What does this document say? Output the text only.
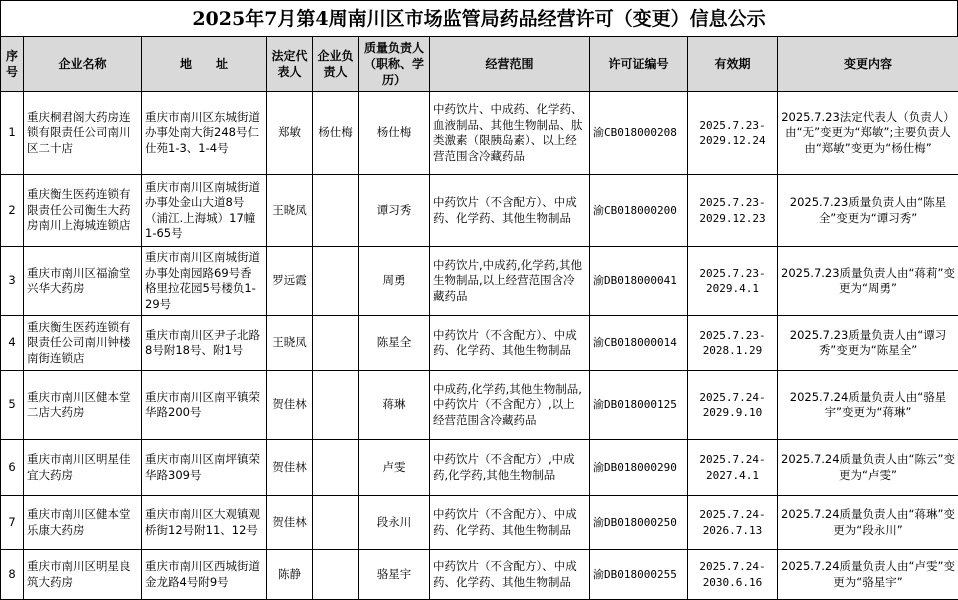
2025年7月第4周南川区市场监管局药品经营许可（变更）信息公示
序号	企业名称	地　　址	法定代表人	企业负责人	质量负责人（职称、学历）	经营范围	许可证编号	有效期	变更内容
1	重庆桐君阁大药房连锁有限责任公司南川区二十店	重庆市南川区东城街道办事处南大街248号仁仕苑1-3、1-4号	郑敏	杨仕梅	杨仕梅	中药饮片、中成药、化学药、血液制品、其他生物制品、肽类激素（限胰岛素）、以上经营范围含冷藏药品	渝CB018000208	2025.7.23-2029.12.24	2025.7.23法定代表人（负责人）由“无”变更为“郑敏”;主要负责人由“郑敏”变更为“杨仕梅”
2	重庆衡生医药连锁有限责任公司衡生大药房南川上海城连锁店	重庆市南川区南城街道办事处金山大道8号（浦江.上海城）17幢1-65号	王晓凤		谭习秀	中药饮片（不含配方）、中成药、化学药、其他生物制品	渝CB018000200	2025.7.23-2029.12.23	2025.7.23质量负责人由“陈星全”变更为“谭习秀”
3	重庆市南川区福渝堂兴华大药房	重庆市南川区南城街道办事处南园路69号香格里拉花园5号楼负1-29号	罗远霞		周勇	中药饮片,中成药,化学药,其他生物制品,以上经营范围含冷藏药品	渝DB018000041	2025.7.23-2029.4.1	2025.7.23质量负责人由“蒋莉”变更为“周勇”
4	重庆衡生医药连锁有限责任公司南川钟楼南街连锁店	重庆市南川区尹子北路8号附18号、附1号	王晓凤		陈星全	中药饮片（不含配方）、中成药、化学药、其他生物制品	渝CB018000014	2025.7.23-2028.1.29	2025.7.23质量负责人由“谭习秀”变更为“陈星全”
5	重庆市南川区健本堂二店大药房	重庆市南川区南平镇荣华路200号	贺佳林		蒋琳	中成药,化学药,其他生物制品,中药饮片（不含配方）,以上经营范围含冷藏药品	渝DB018000125	2025.7.24-2029.9.10	2025.7.24质量负责人由“骆星宇”变更为“蒋琳”
6	重庆市南川区明星佳宜大药房	重庆市南川区南坪镇荣华路309号	贺佳林		卢雯	中药饮片（不含配方）,中成药,化学药,其他生物制品	渝DB018000290	2025.7.24-2027.4.1	2025.7.24质量负责人由“陈云”变更为“卢雯”
7	重庆市南川区健本堂乐康大药房	重庆市南川区大观镇观桥街12号附11、12号	贺佳林		段永川	中药饮片（不含配方）、中成药、化学药、其他生物制品	渝DB018000250	2025.7.24-2026.7.13	2025.7.24质量负责人由“蒋琳”变更为“段永川”
8	重庆市南川区明星良筑大药房	重庆市南川区西城街道金龙路4号附9号	陈静		骆星宇	中药饮片（不含配方）、中成药、化学药、其他生物制品	渝DB018000255	2025.7.24-2030.6.16	2025.7.24质量负责人由“卢雯”变更为“骆星宇”
